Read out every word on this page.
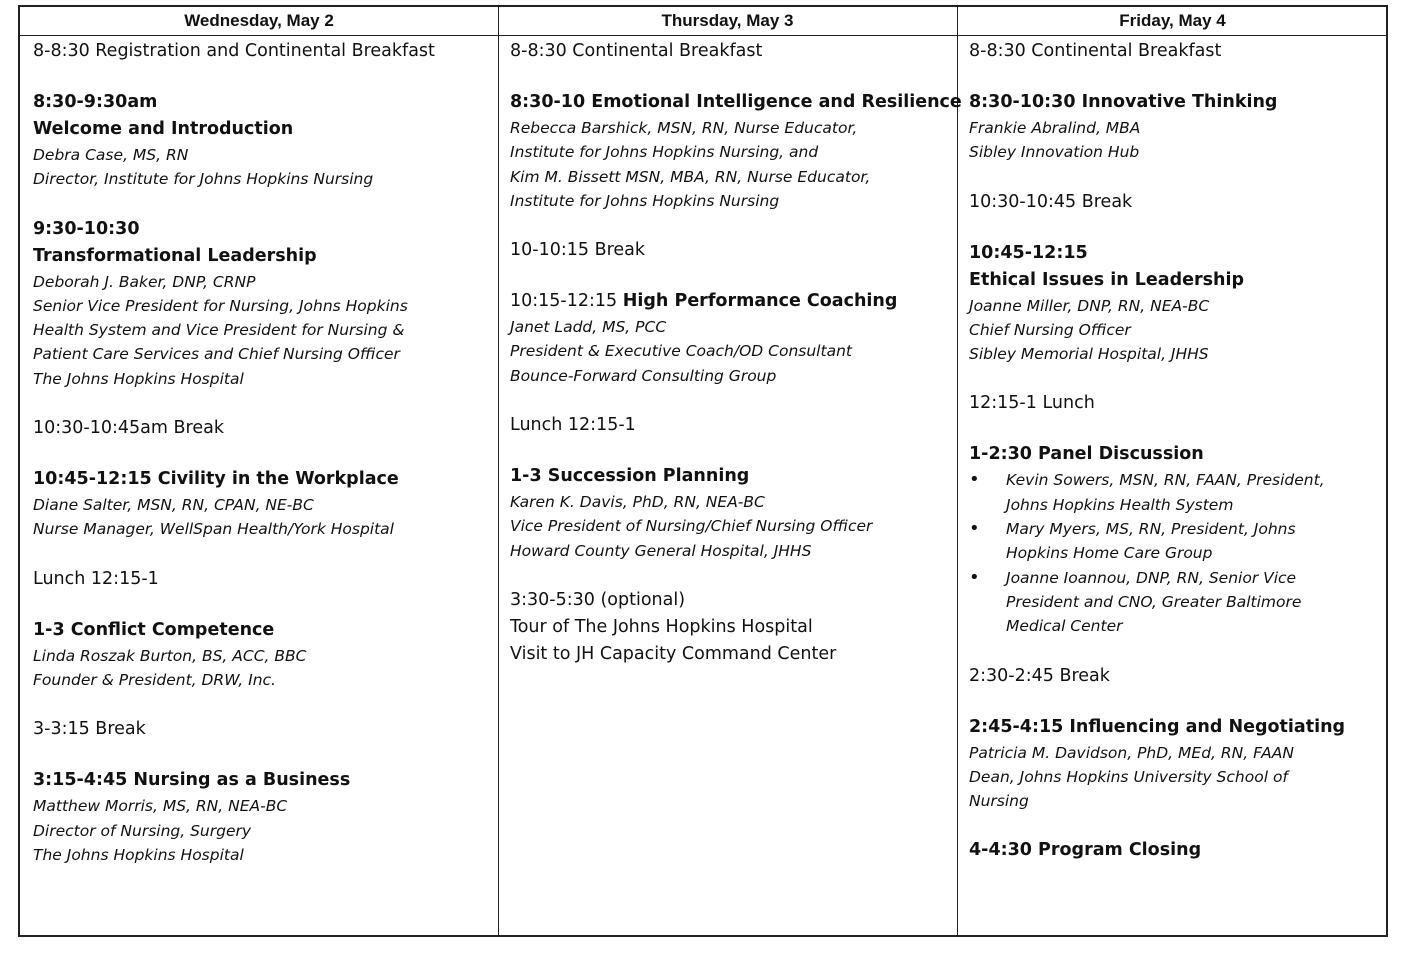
Wednesday, May 2	Thursday, May 3	Friday, May 4
8-8:30 Registration and Continental Breakfast
8:30-9:30am
Welcome and Introduction
Debra Case, MS, RN
Director, Institute for Johns Hopkins Nursing
9:30-10:30
Transformational Leadership
Deborah J. Baker, DNP, CRNP
Senior Vice President for Nursing, Johns Hopkins
Health System and Vice President for Nursing &
Patient Care Services and Chief Nursing Officer
The Johns Hopkins Hospital
10:30-10:45am Break
10:45-12:15 Civility in the Workplace
Diane Salter, MSN, RN, CPAN, NE-BC
Nurse Manager, WellSpan Health/York Hospital
Lunch 12:15-1
1-3 Conflict Competence
Linda Roszak Burton, BS, ACC, BBC
Founder & President, DRW, Inc.
3-3:15 Break
3:15-4:45 Nursing as a Business
Matthew Morris, MS, RN, NEA-BC
Director of Nursing, Surgery
The Johns Hopkins Hospital
8-8:30 Continental Breakfast
8:30-10 Emotional Intelligence and Resilience
Rebecca Barshick, MSN, RN, Nurse Educator,
Institute for Johns Hopkins Nursing, and
Kim M. Bissett MSN, MBA, RN, Nurse Educator,
Institute for Johns Hopkins Nursing
10-10:15 Break
10:15-12:15 High Performance Coaching
Janet Ladd, MS, PCC
President & Executive Coach/OD Consultant
Bounce-Forward Consulting Group
Lunch 12:15-1
1-3 Succession Planning
Karen K. Davis, PhD, RN, NEA-BC
Vice President of Nursing/Chief Nursing Officer
Howard County General Hospital, JHHS
3:30-5:30 (optional)
Tour of The Johns Hopkins Hospital
Visit to JH Capacity Command Center
8-8:30 Continental Breakfast
8:30-10:30 Innovative Thinking
Frankie Abralind, MBA
Sibley Innovation Hub
10:30-10:45 Break
10:45-12:15
Ethical Issues in Leadership
Joanne Miller, DNP, RN, NEA-BC
Chief Nursing Officer
Sibley Memorial Hospital, JHHS
12:15-1 Lunch
1-2:30 Panel Discussion
• Kevin Sowers, MSN, RN, FAAN, President,
Johns Hopkins Health System
• Mary Myers, MS, RN, President, Johns
Hopkins Home Care Group
• Joanne Ioannou, DNP, RN, Senior Vice
President and CNO, Greater Baltimore
Medical Center
2:30-2:45 Break
2:45-4:15 Influencing and Negotiating
Patricia M. Davidson, PhD, MEd, RN, FAAN
Dean, Johns Hopkins University School of
Nursing
4-4:30 Program Closing
